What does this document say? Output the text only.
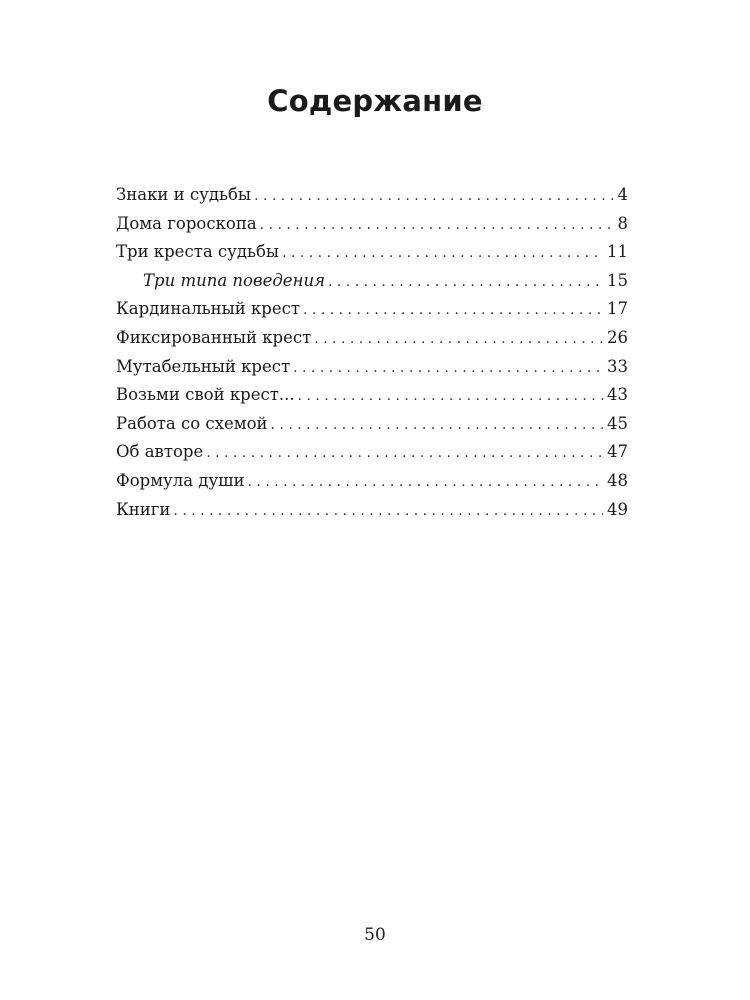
Содержание
Знаки и судьбы . . .	4
Дома гороскопа . . .	8
Три креста судьбы . . .	11
Три типа поведения . . .	15
Кардинальный крест . . .	17
Фиксированный крест . . .	26
Мутабельный крест . . .	33
Возьми свой крест... . . .	43
Работа со схемой . . .	45
Об авторе . . .	47
Формула души . . .	48
Книги . . .	49
50
